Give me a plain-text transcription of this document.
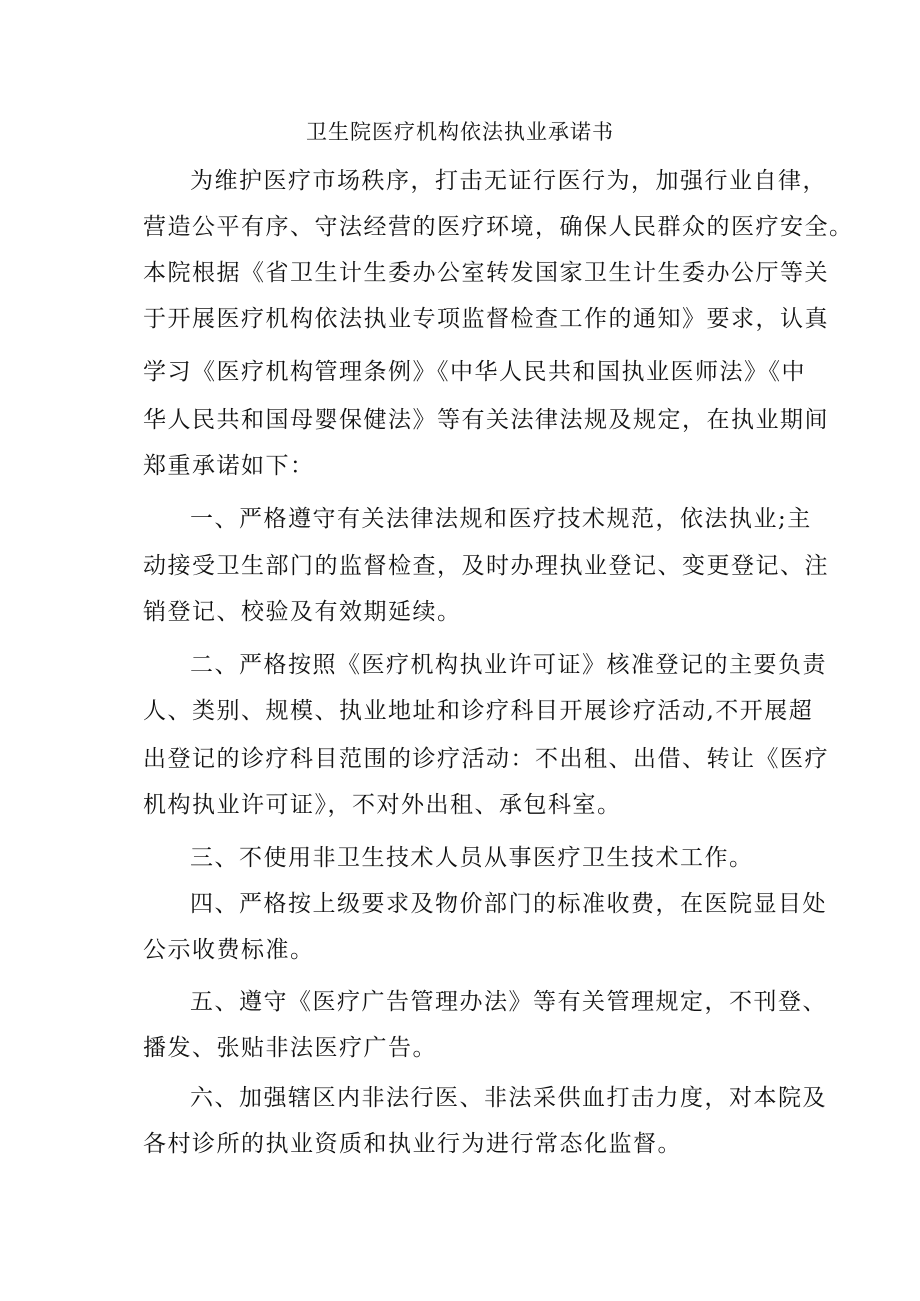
卫生院医疗机构依法执业承诺书
为维护医疗市场秩序，打击无证行医行为，加强行业自律，
营造公平有序、守法经营的医疗环境，确保人民群众的医疗安全。
本院根据《省卫生计生委办公室转发国家卫生计生委办公厅等关
于开展医疗机构依法执业专项监督检查工作的通知》要求，认真
学习《医疗机构管理条例》《中华人民共和国执业医师法》《中
华人民共和国母婴保健法》等有关法律法规及规定，在执业期间
郑重承诺如下：
一、严格遵守有关法律法规和医疗技术规范，依法执业;主
动接受卫生部门的监督检查，及时办理执业登记、变更登记、注
销登记、校验及有效期延续。
二、严格按照《医疗机构执业许可证》核准登记的主要负责
人、类别、规模、执业地址和诊疗科目开展诊疗活动,不开展超
出登记的诊疗科目范围的诊疗活动：不出租、出借、转让《医疗
机构执业许可证》，不对外出租、承包科室。
三、不使用非卫生技术人员从事医疗卫生技术工作。
四、严格按上级要求及物价部门的标准收费，在医院显目处
公示收费标准。
五、遵守《医疗广告管理办法》等有关管理规定，不刊登、
播发、张贴非法医疗广告。
六、加强辖区内非法行医、非法采供血打击力度，对本院及
各村诊所的执业资质和执业行为进行常态化监督。
